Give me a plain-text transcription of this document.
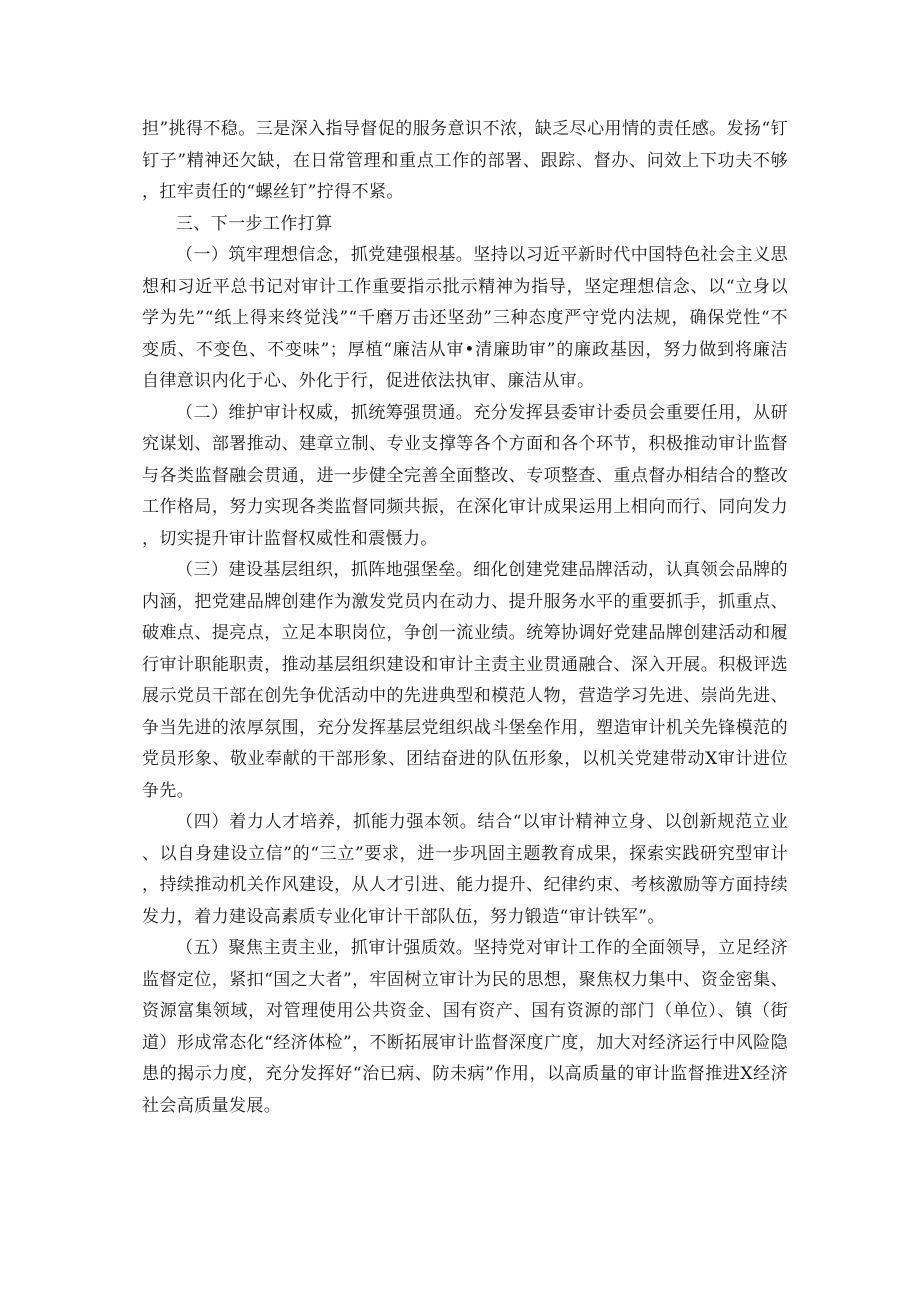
担”挑得不稳。三是深入指导督促的服务意识不浓，缺乏尽心用情的责任感。发扬“钉钉子”精神还欠缺，在日常管理和重点工作的部署、跟踪、督办、问效上下功夫不够，扛牢责任的“螺丝钉”拧得不紧。

三、下一步工作打算

（一）筑牢理想信念，抓党建强根基。坚持以习近平新时代中国特色社会主义思想和习近平总书记对审计工作重要指示批示精神为指导，坚定理想信念、以“立身以学为先”“纸上得来终觉浅”“千磨万击还坚劲”三种态度严守党内法规，确保党性“不变质、不变色、不变味”；厚植“廉洁从审•清廉助审”的廉政基因，努力做到将廉洁自律意识内化于心、外化于行，促进依法执审、廉洁从审。

（二）维护审计权威，抓统筹强贯通。充分发挥县委审计委员会重要任用，从研究谋划、部署推动、建章立制、专业支撑等各个方面和各个环节，积极推动审计监督与各类监督融会贯通，进一步健全完善全面整改、专项整查、重点督办相结合的整改工作格局，努力实现各类监督同频共振，在深化审计成果运用上相向而行、同向发力，切实提升审计监督权威性和震慑力。

（三）建设基层组织，抓阵地强堡垒。细化创建党建品牌活动，认真领会品牌的内涵，把党建品牌创建作为激发党员内在动力、提升服务水平的重要抓手，抓重点、破难点、提亮点，立足本职岗位，争创一流业绩。统筹协调好党建品牌创建活动和履行审计职能职责，推动基层组织建设和审计主责主业贯通融合、深入开展。积极评选展示党员干部在创先争优活动中的先进典型和模范人物，营造学习先进、崇尚先进、争当先进的浓厚氛围，充分发挥基层党组织战斗堡垒作用，塑造审计机关先锋模范的党员形象、敬业奉献的干部形象、团结奋进的队伍形象，以机关党建带动X审计进位争先。

（四）着力人才培养，抓能力强本领。结合“以审计精神立身、以创新规范立业、以自身建设立信”的“三立”要求，进一步巩固主题教育成果，探索实践研究型审计，持续推动机关作风建设，从人才引进、能力提升、纪律约束、考核激励等方面持续发力，着力建设高素质专业化审计干部队伍，努力锻造“审计铁军”。

（五）聚焦主责主业，抓审计强质效。坚持党对审计工作的全面领导，立足经济监督定位，紧扣“国之大者”，牢固树立审计为民的思想，聚焦权力集中、资金密集、资源富集领域，对管理使用公共资金、国有资产、国有资源的部门（单位）、镇（街道）形成常态化“经济体检”，不断拓展审计监督深度广度，加大对经济运行中风险隐患的揭示力度，充分发挥好“治已病、防未病”作用，以高质量的审计监督推进X经济社会高质量发展。
